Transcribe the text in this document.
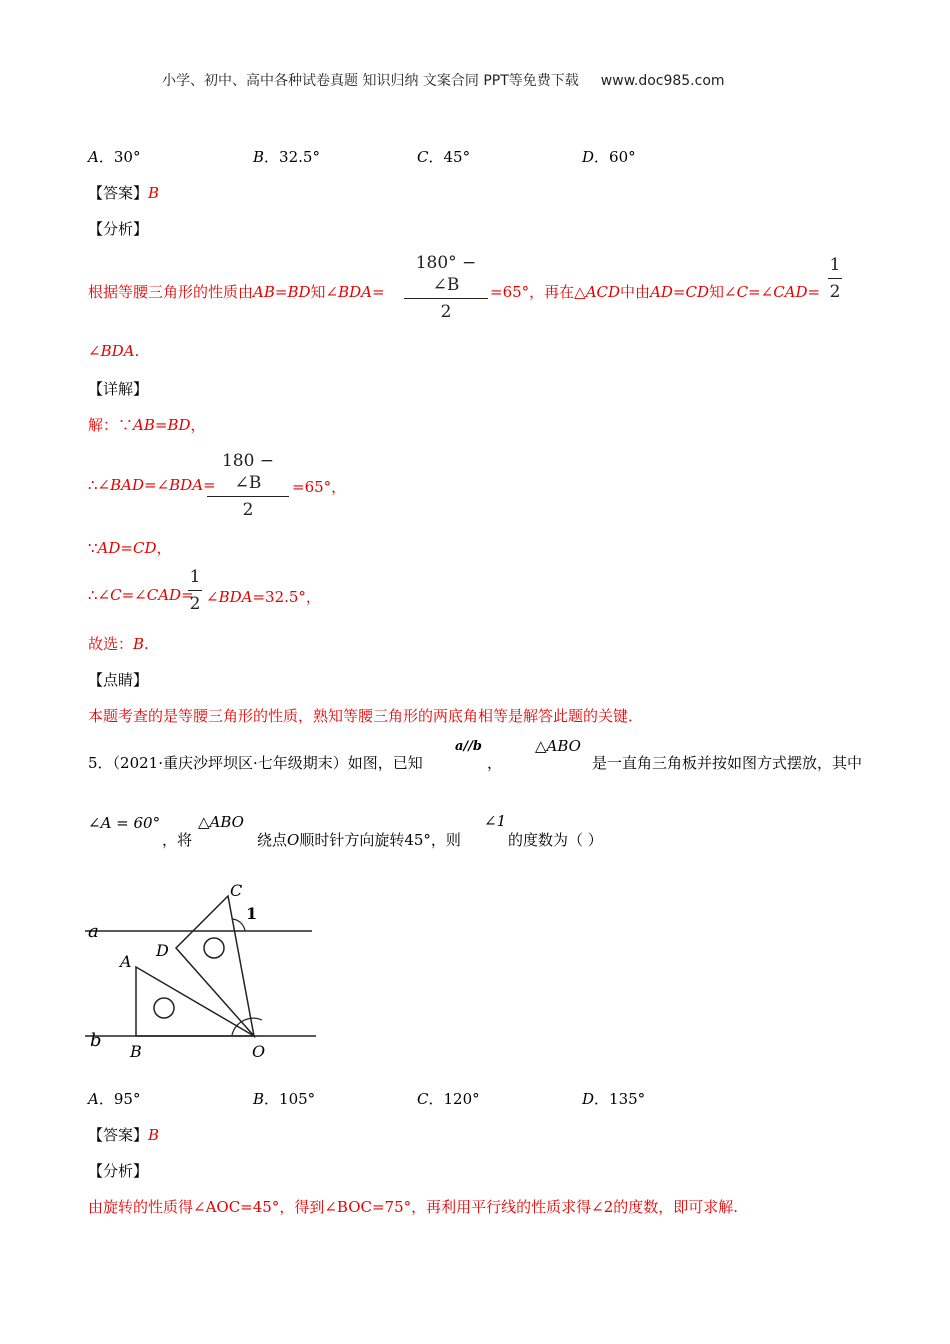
小学、初中、高中各种试卷真题 知识归纳 文案合同 PPT等免费下载 www.doc985.com
A．30°	B．32.5°	C．45°	D．60°
【答案】B
【分析】
根据等腰三角形的性质由AB=BD知∠BDA=
180° − ∠B
2
=65°，再在△ACD中由AD=CD知∠C=∠CAD=
1
2
∠BDA.
【详解】
解：∵AB=BD，
∴∠BAD=∠BDA=
180 − ∠B
2
=65°，
∵AD=CD，
∴∠C=∠CAD=
1
2 ∠BDA=32.5°，
故选：B.
【点睛】
本题考查的是等腰三角形的性质，熟知等腰三角形的两底角相等是解答此题的关键．
5．（2021·重庆沙坪坝区·七年级期末）如图，已知
a//b
，
△ABO
是一直角三角板并按如图方式摆放，其中
∠A = 60°
，将
△ABO
绕点O顺时针方向旋转45°，则
∠1
的度数为（ ）
a
b
A
B
C
D
O
1
A．95°	B．105°	C．120°	D．135°
【答案】B
【分析】
由旋转的性质得∠AOC=45°，得到∠BOC=75°，再利用平行线的性质求得∠2的度数，即可求解.
